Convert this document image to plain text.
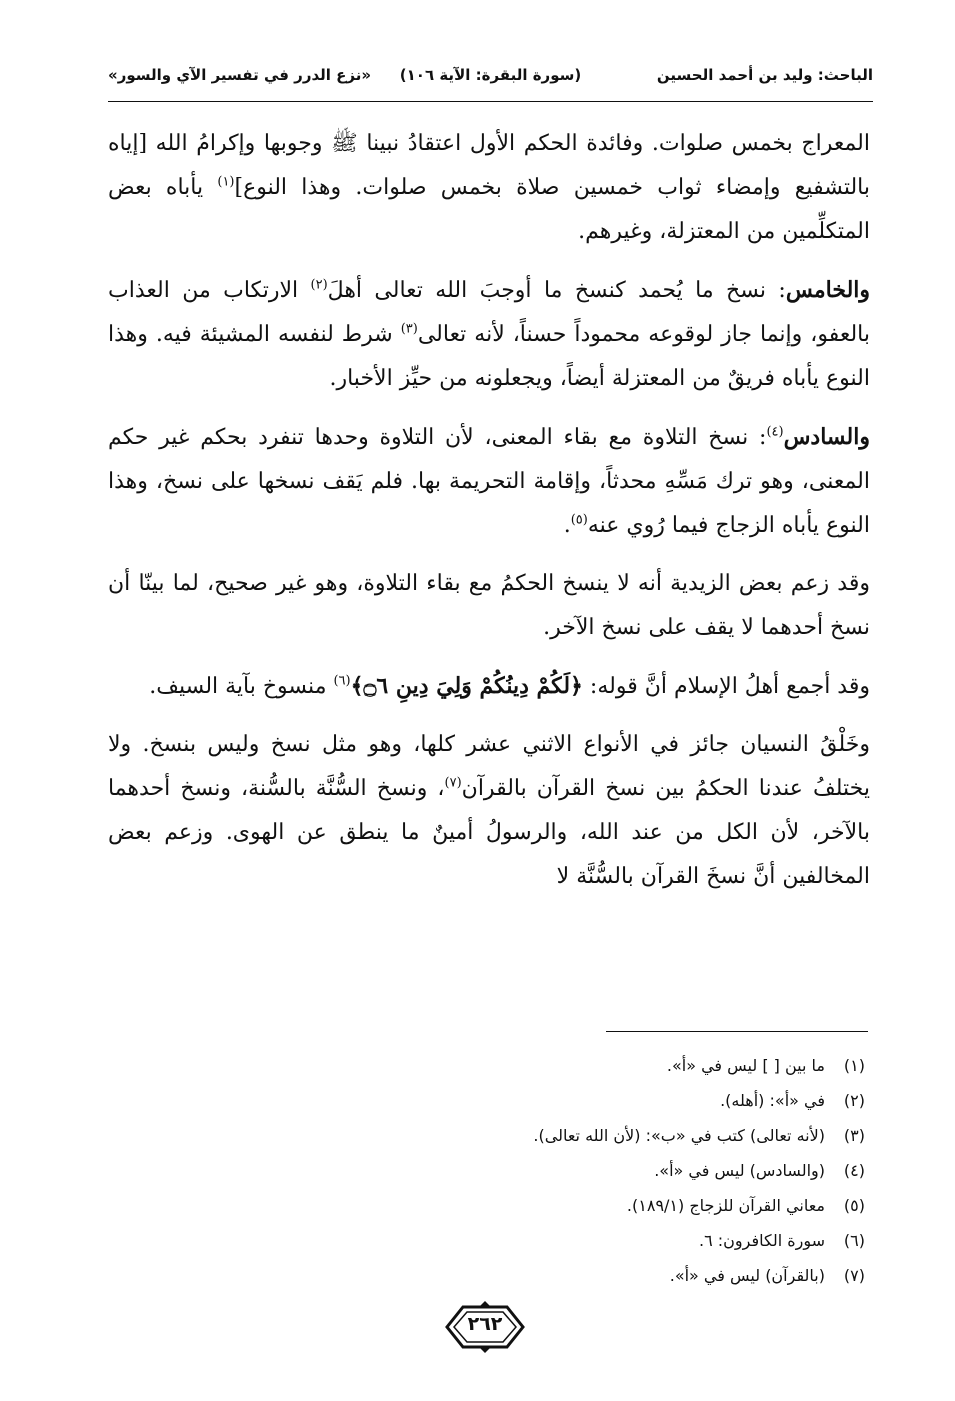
الباحث: وليد بن أحمد الحسين
(سورة البقرة: الآية ١٠٦)
«نزع الدرر في تفسير الآي والسور»

المعراج بخمس صلوات. وفائدة الحكم الأول اعتقادُ نبينا ﷺ وجوبها وإكرامُ الله [إياه بالتشفيع وإمضاء ثواب خمسين صلاة بخمس صلوات. وهذا النوع]$^{(١)}$ يأباه بعض المتكلِّمين من المعتزلة، وغيرهم.

والخامس: نسخ ما يُحمد كنسخ ما أوجبَ الله تعالى أهلَ$^{(٢)}$ الارتكاب من العذاب بالعفو، وإنما جاز لوقوعه محموداً حسناً، لأنه تعالى$^{(٣)}$ شرط لنفسه المشيئة فيه. وهذا النوع يأباه فريقٌ من المعتزلة أيضاً، ويجعلونه من حيِّز الأخبار.

والسادس$^{(٤)}$: نسخ التلاوة مع بقاء المعنى، لأن التلاوة وحدها تنفرد بحكم غير حكم المعنى، وهو ترك مَسِّهِ محدثاً، وإقامة التحريمة بها. فلم يَقف نسخها على نسخ، وهذا النوع يأباه الزجاج فيما رُوي عنه$^{(٥)}$.

وقد زعم بعض الزيدية أنه لا ينسخ الحكمُ مع بقاء التلاوة، وهو غير صحيح، لما بينّا أن نسخ أحدهما لا يقف على نسخ الآخر.

وقد أجمع أهلُ الإسلام أنَّ قوله: ﴿لَكُمْ دِينُكُمْ وَلِيَ دِينِ ۝٦﴾$^{(٦)}$ منسوخ بآية السيف.

وخَلْقُ النسيان جائز في الأنواع الاثني عشر كلها، وهو مثل نسخ وليس بنسخ. ولا يختلفُ عندنا الحكمُ بين نسخ القرآن بالقرآن$^{(٧)}$، ونسخ السُّنَّة بالسُّنة، ونسخ أحدهما بالآخر، لأن الكل من عند الله، والرسولُ أمينٌ ما ينطق عن الهوى. وزعم بعض المخالفين أنَّ نسخَ القرآن بالسُّنَّة لا

(١)ما بين [ ] ليس في «أ».
(٢)في «أ»: (أهله).
(٣)(لأنه تعالى) كتب في «ب»: (لأن الله تعالى).
(٤)(والسادس) ليس في «أ».
(٥)معاني القرآن للزجاج (١٨٩/١).
(٦)سورة الكافرون: ٦.
(٧)(بالقرآن) ليس في «أ».
٢٦٢
